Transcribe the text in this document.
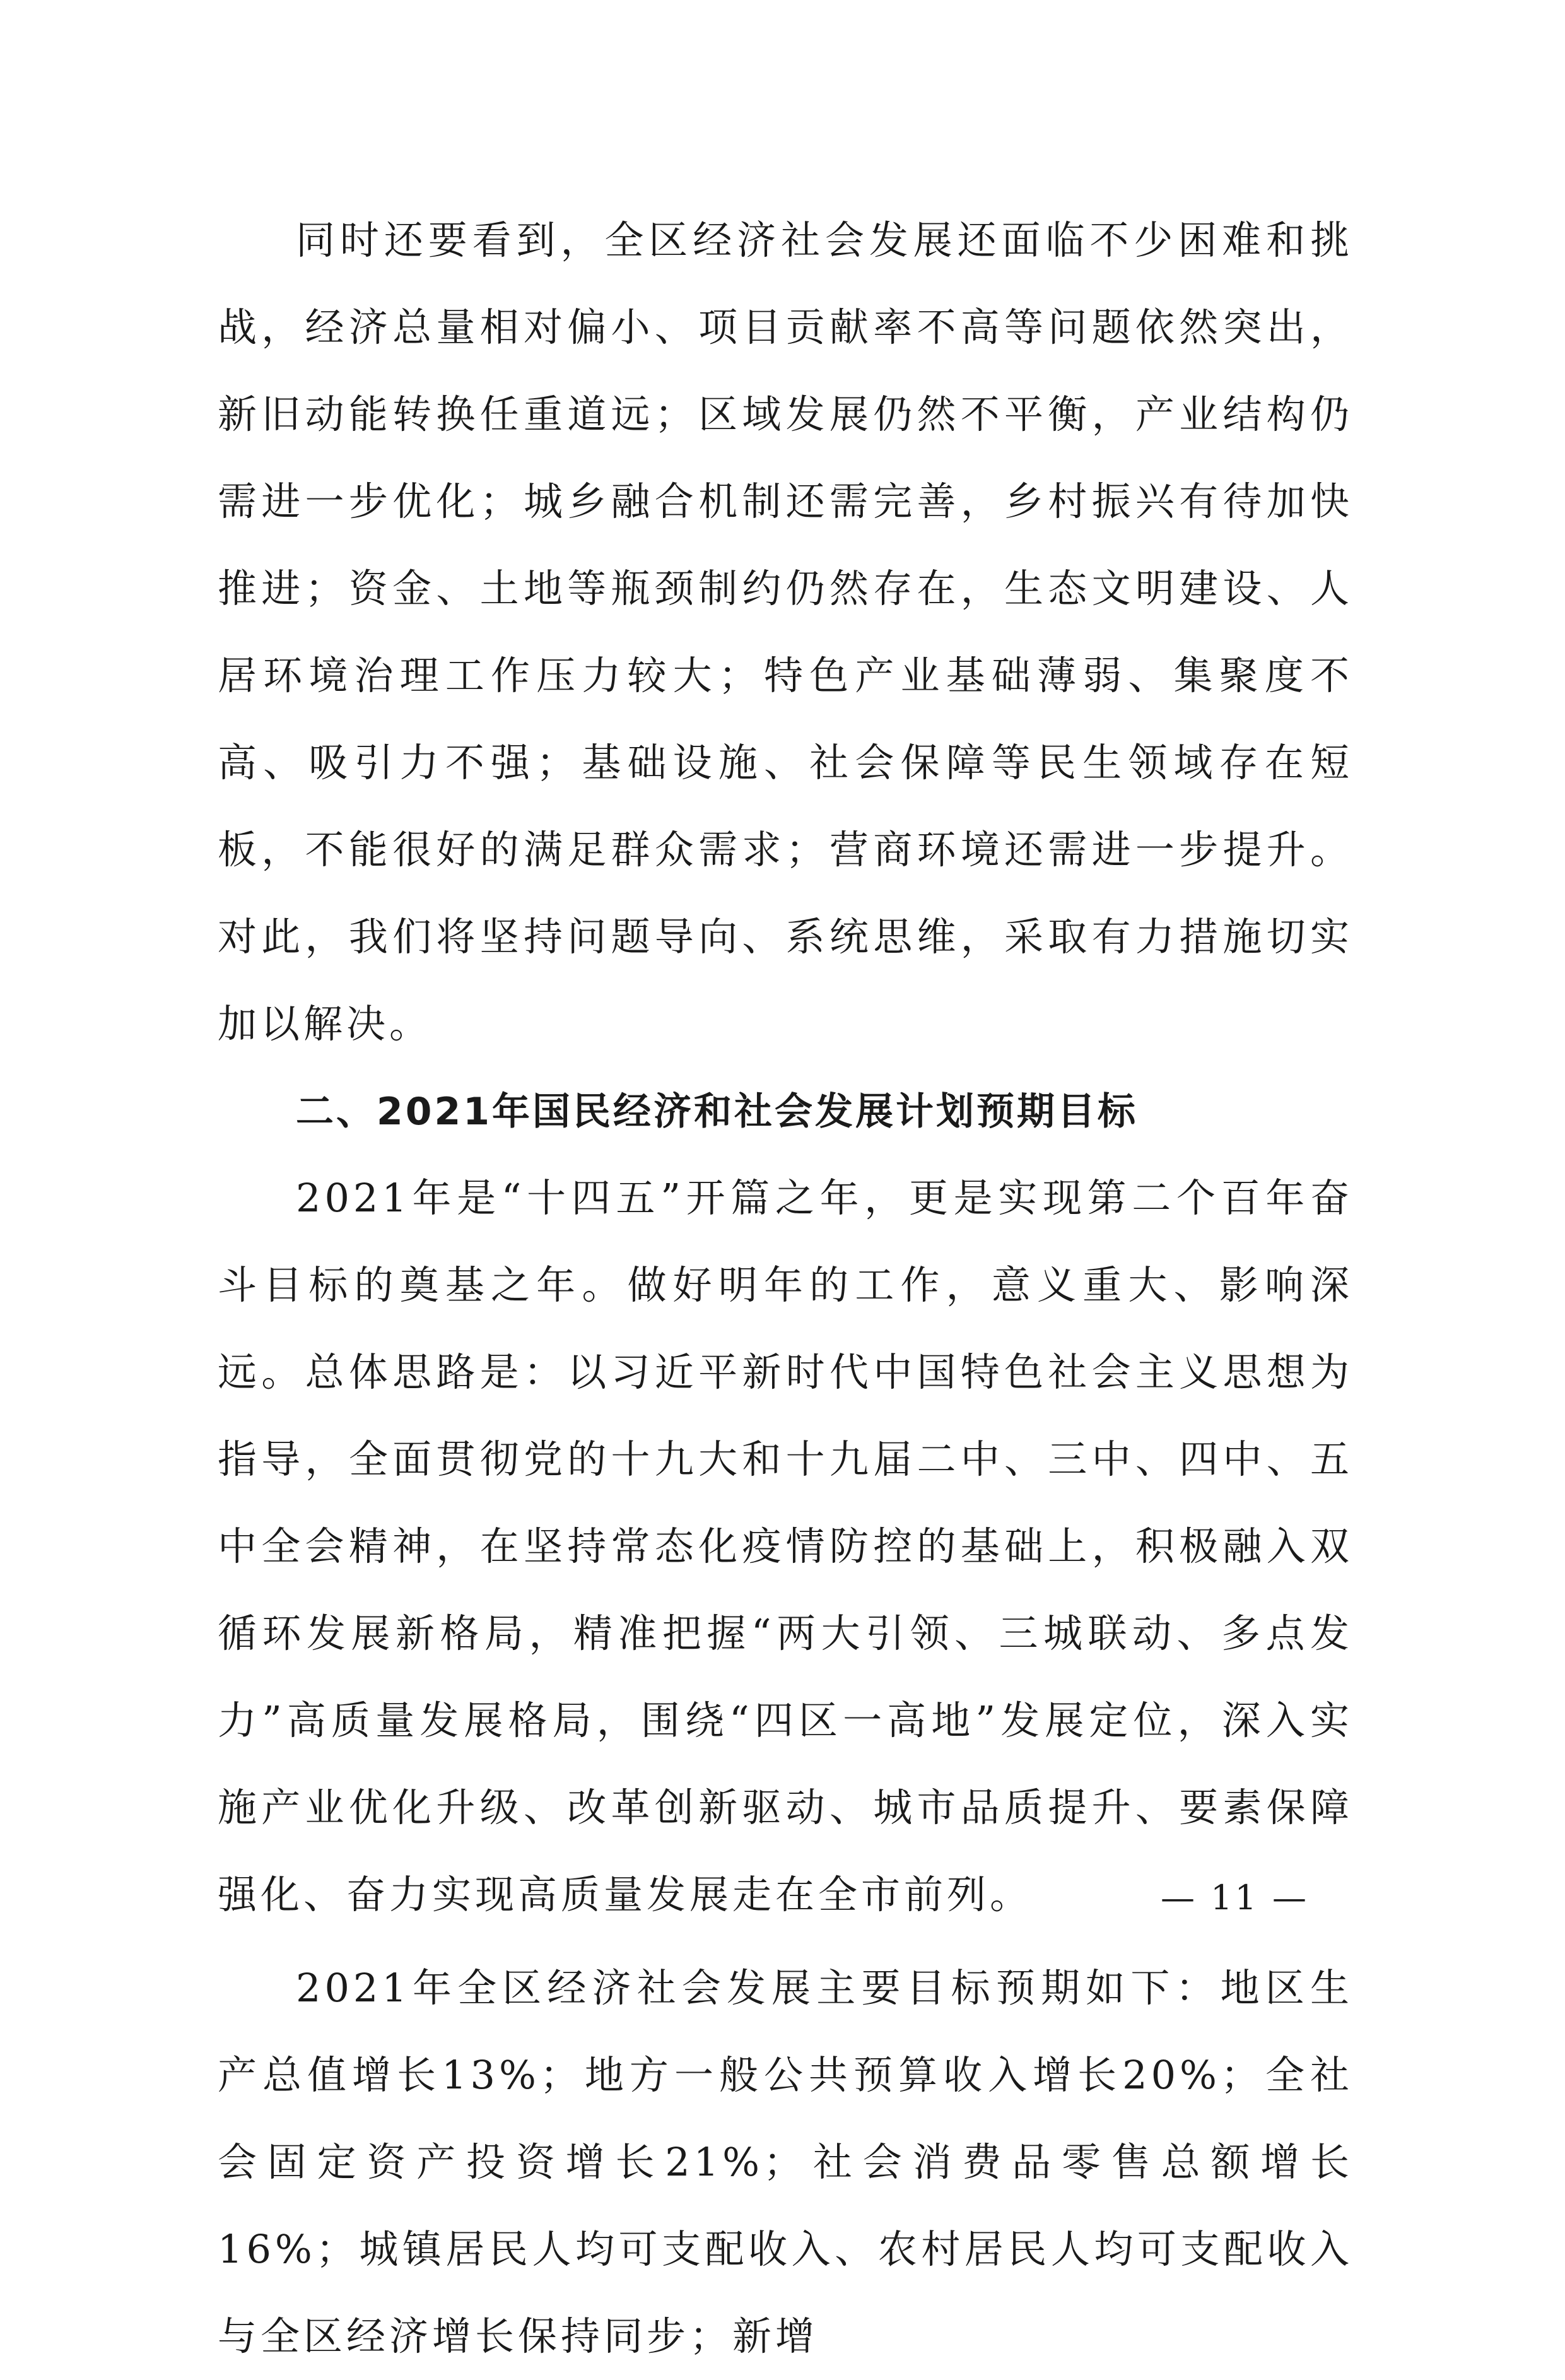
同时还要看到，全区经济社会发展还面临不少困难和挑战，经济总量相对偏小、项目贡献率不高等问题依然突出，新旧动能转换任重道远；区域发展仍然不平衡，产业结构仍需进一步优化；城乡融合机制还需完善，乡村振兴有待加快推进；资金、土地等瓶颈制约仍然存在，生态文明建设、人居环境治理工作压力较大；特色产业基础薄弱、集聚度不高、吸引力不强；基础设施、社会保障等民生领域存在短板，不能很好的满足群众需求；营商环境还需进一步提升。对此，我们将坚持问题导向、系统思维，采取有力措施切实加以解决。

二、2021年国民经济和社会发展计划预期目标

2021年是“十四五”开篇之年，更是实现第二个百年奋斗目标的奠基之年。做好明年的工作，意义重大、影响深远。总体思路是：以习近平新时代中国特色社会主义思想为指导，全面贯彻党的十九大和十九届二中、三中、四中、五中全会精神，在坚持常态化疫情防控的基础上，积极融入双循环发展新格局，精准把握“两大引领、三城联动、多点发力”高质量发展格局，围绕“四区一高地”发展定位，深入实施产业优化升级、改革创新驱动、城市品质提升、要素保障强化、奋力实现高质量发展走在全市前列。

2021年全区经济社会发展主要目标预期如下：地区生产总值增长13%；地方一般公共预算收入增长20%；全社会固定资产投资增长21%；社会消费品零售总额增长16%；城镇居民人均可支配收入、农村居民人均可支配收入与全区经济增长保持同步；新增

— 11 —
